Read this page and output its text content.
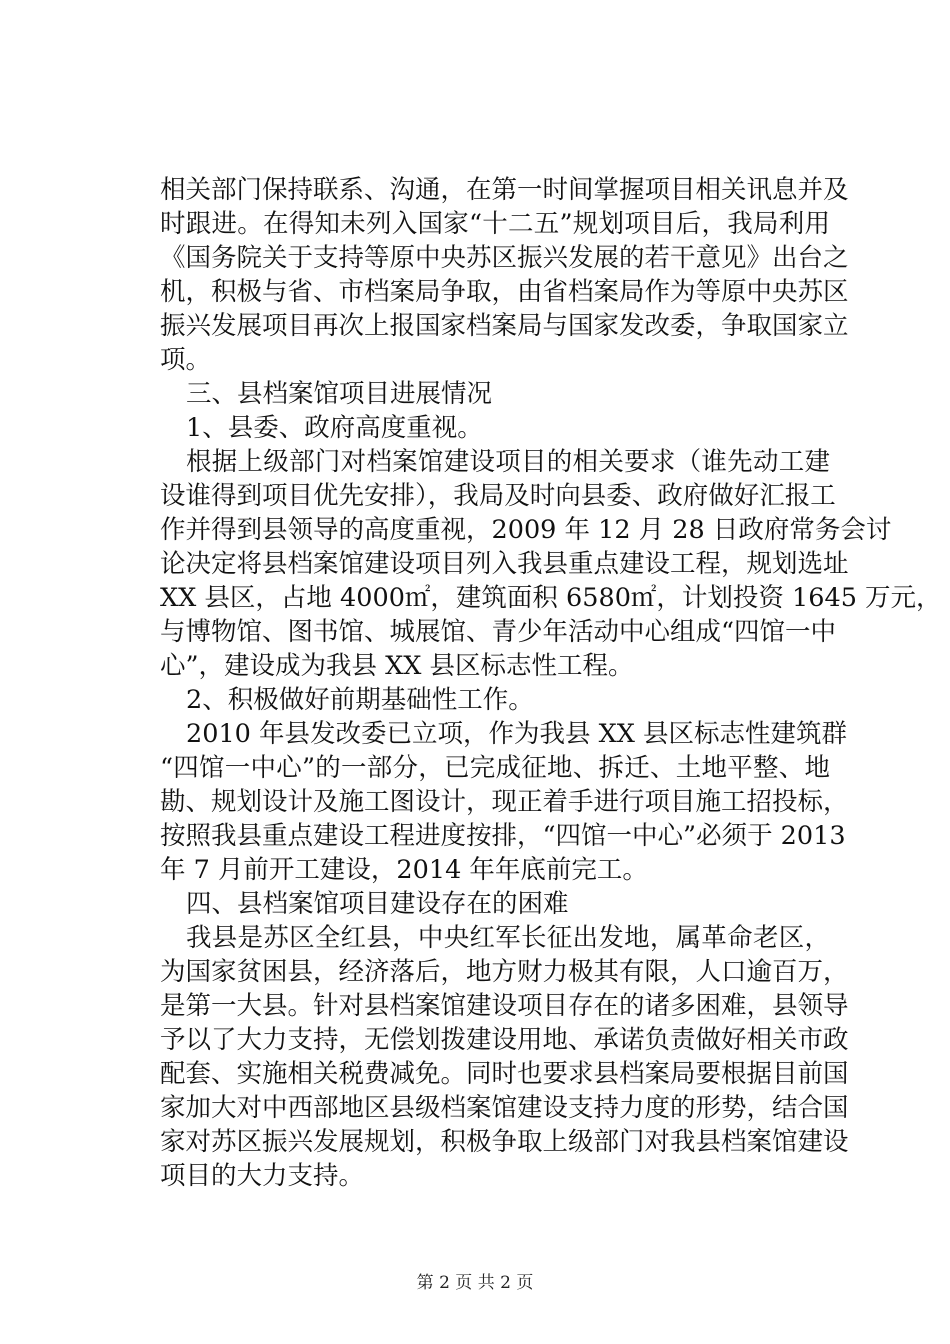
相关部门保持联系、沟通，在第一时间掌握项目相关讯息并及
时跟进。在得知未列入国家“十二五”规划项目后，我局利用
《国务院关于支持等原中央苏区振兴发展的若干意见》出台之
机，积极与省、市档案局争取，由省档案局作为等原中央苏区
振兴发展项目再次上报国家档案局与国家发改委，争取国家立
项。
三、县档案馆项目进展情况
1、县委、政府高度重视。
根据上级部门对档案馆建设项目的相关要求（谁先动工建
设谁得到项目优先安排），我局及时向县委、政府做好汇报工
作并得到县领导的高度重视，2009 年 12 月 28 日政府常务会讨
论决定将县档案馆建设项目列入我县重点建设工程，规划选址
XX 县区，占地 4000㎡，建筑面积 6580㎡，计划投资 1645 万元，
与博物馆、图书馆、城展馆、青少年活动中心组成“四馆一中
心”，建设成为我县 XX 县区标志性工程。
2、积极做好前期基础性工作。
2010 年县发改委已立项，作为我县 XX 县区标志性建筑群
“四馆一中心”的一部分，已完成征地、拆迁、土地平整、地
勘、规划设计及施工图设计，现正着手进行项目施工招投标，
按照我县重点建设工程进度按排，“四馆一中心”必须于 2013
年 7 月前开工建设，2014 年年底前完工。
四、县档案馆项目建设存在的困难
我县是苏区全红县，中央红军长征出发地，属革命老区，
为国家贫困县，经济落后，地方财力极其有限，人口逾百万，
是第一大县。针对县档案馆建设项目存在的诸多困难，县领导
予以了大力支持，无偿划拨建设用地、承诺负责做好相关市政
配套、实施相关税费减免。同时也要求县档案局要根据目前国
家加大对中西部地区县级档案馆建设支持力度的形势，结合国
家对苏区振兴发展规划，积极争取上级部门对我县档案馆建设
项目的大力支持。
第 2 页 共 2 页
